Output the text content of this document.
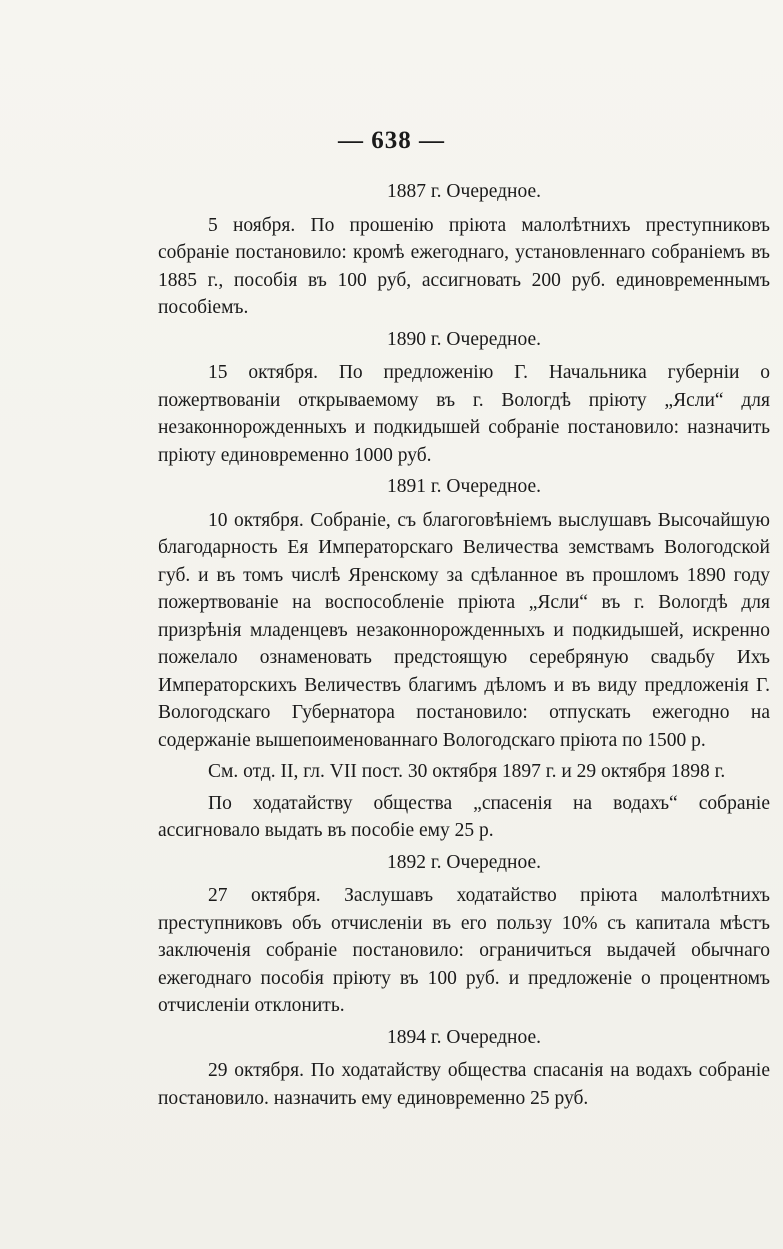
— 638 —
1887 г. Очередное.

5 ноября. По прошенію пріюта малолѣтнихъ преступниковъ собраніе постановило: кромѣ ежегоднаго, установленнаго собраніемъ въ 1885 г., пособія въ 100 руб, ассигновать 200 руб. единовременнымъ пособіемъ.

1890 г. Очередное.

15 октября. По предложенію Г. Начальника губерніи о пожертвованіи открываемому въ г. Вологдѣ пріюту „Ясли“ для незаконнорожденныхъ и подкидышей собраніе постановило: назначить пріюту единовременно 1000 руб.

1891 г. Очередное.

10 октября. Собраніе, съ благоговѣніемъ выслушавъ Высочайшую благодарность Ея Императорскаго Величества земствамъ Вологодской губ. и въ томъ числѣ Яренскому за сдѣланное въ прошломъ 1890 году пожертвованіе на воспособленіе пріюта „Ясли“ въ г. Вологдѣ для призрѣнія младенцевъ незаконнорожденныхъ и подкидышей, искренно пожелало ознаменовать предстоящую серебряную свадьбу Ихъ Императорскихъ Величествъ благимъ дѣломъ и въ виду предложенія Г. Вологодскаго Губернатора постановило: отпускать ежегодно на содержаніе вышепоименованнаго Вологодскаго пріюта по 1500 р.

См. отд. II, гл. VII пост. 30 октября 1897 г. и 29 октября 1898 г.

По ходатайству общества „спасенія на водахъ“ собраніе ассигновало выдать въ пособіе ему 25 р.

1892 г. Очередное.

27 октября. Заслушавъ ходатайство пріюта малолѣтнихъ преступниковъ объ отчисленіи въ его пользу 10% съ капитала мѣстъ заключенія собраніе постановило: ограничиться выдачей обычнаго ежегоднаго пособія пріюту въ 100 руб. и предложеніе о процентномъ отчисленіи отклонить.

1894 г. Очередное.

29 октября. По ходатайству общества спасанія на водахъ собраніе постановило. назначить ему единовременно 25 руб.
